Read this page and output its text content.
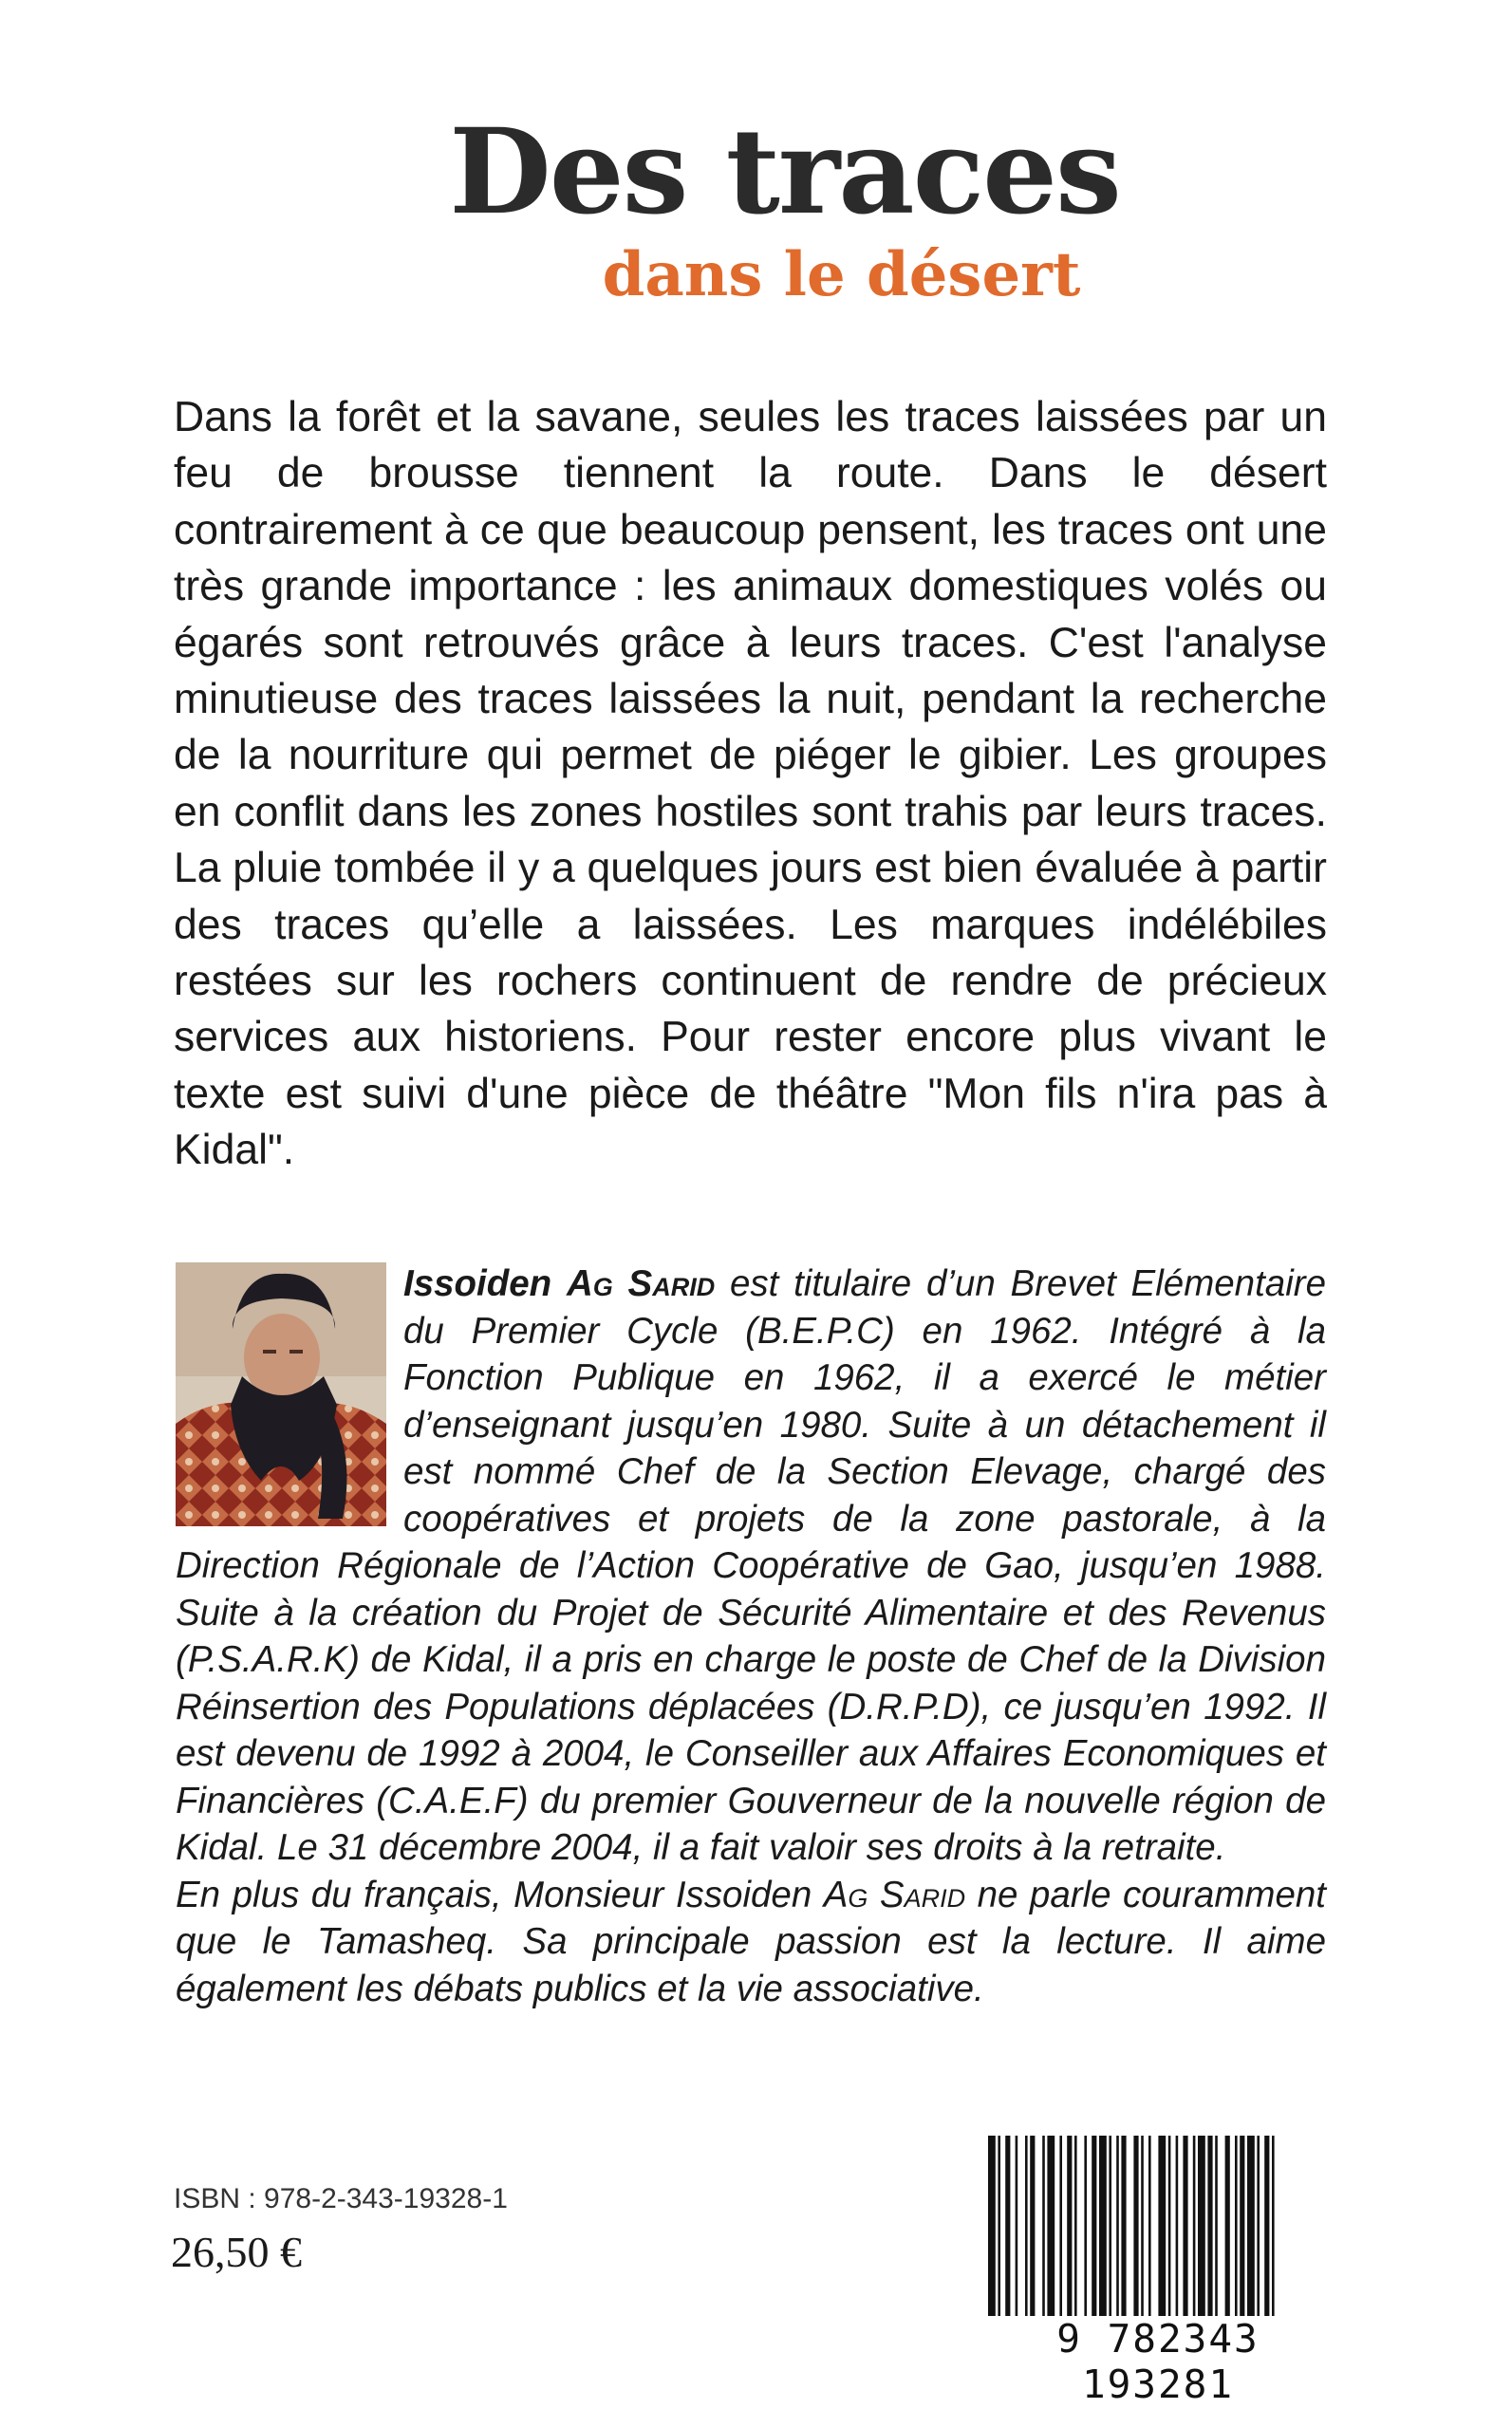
Des traces
dans le désert
Dans la forêt et la savane, seules les traces laissées par un feu de brousse tiennent la route. Dans le désert contrairement à ce que beaucoup pensent, les traces ont une très grande importance : les animaux domestiques volés ou égarés sont retrouvés grâce à leurs traces. C'est l'analyse minutieuse des traces laissées la nuit, pendant la recherche de la nourriture qui permet de piéger le gibier. Les groupes en conflit dans les zones hostiles sont trahis par leurs traces. La pluie tombée il y a quelques jours est bien évaluée à partir des traces qu’elle a laissées. Les marques indélébiles restées sur les rochers continuent de rendre de précieux services aux historiens. Pour rester encore plus vivant le texte est suivi d'une pièce de théâtre "Mon fils n'ira pas à Kidal".

Issoiden Ag Sarid est titulaire d’un Brevet Elémentaire du Premier Cycle (B.E.P.C) en 1962. Intégré à la Fonction Publique en 1962, il a exercé le métier d’enseignant jusqu’en 1980. Suite à un détachement il est nommé Chef de la Section Elevage, chargé des coopératives et projets de la zone pastorale, à la Direction Régionale de l’Action Coopérative de Gao, jusqu’en 1988. Suite à la création du Projet de Sécurité Alimentaire et des Revenus (P.S.A.R.K) de Kidal, il a pris en charge le poste de Chef de la Division Réinsertion des Populations déplacées (D.R.P.D), ce jusqu’en 1992. Il est devenu de 1992 à 2004, le Conseiller aux Affaires Economiques et Financières (C.A.E.F) du premier Gouverneur de la nouvelle région de Kidal. Le 31 décembre 2004, il a fait valoir ses droits à la retraite.

En plus du français, Monsieur Issoiden Ag Sarid ne parle couramment que le Tamasheq. Sa principale passion est la lecture. Il aime également les débats publics et la vie associative.

ISBN : 978-2-343-19328-1
26,50 €
9 782343 193281
